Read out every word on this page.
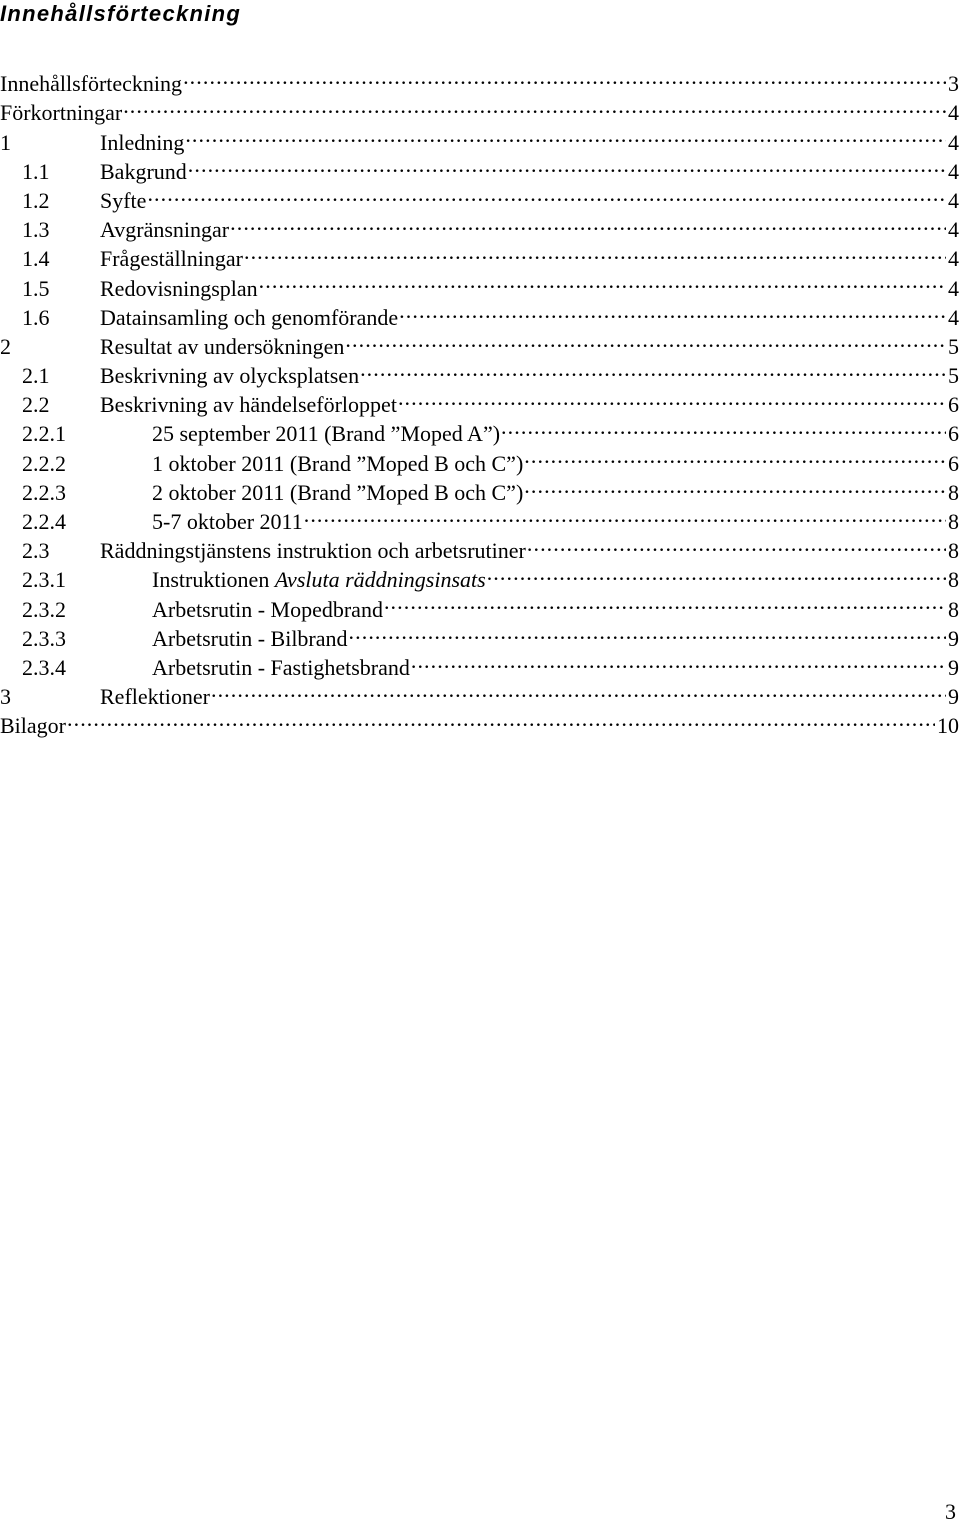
Innehållsförteckning
Innehållsförteckning . . .	3
Förkortningar . . .	4
1	Inledning . . .	4
1.1	Bakgrund . . .	4
1.2	Syfte . . .	4
1.3	Avgränsningar . . .	4
1.4	Frågeställningar . . .	4
1.5	Redovisningsplan . . .	4
1.6	Datainsamling och genomförande . . .	4
2	Resultat av undersökningen . . .	5
2.1	Beskrivning av olycksplatsen . . .	5
2.2	Beskrivning av händelseförloppet . . .	6
2.2.1	25 september 2011 (Brand ”Moped A”) . . .	6
2.2.2	1 oktober 2011 (Brand ”Moped B och C”) . . .	6
2.2.3	2 oktober 2011 (Brand ”Moped B och C”) . . .	8
2.2.4	5-7 oktober 2011 . . .	8
2.3	Räddningstjänstens instruktion och arbetsrutiner . . .	8
2.3.1	Instruktionen Avsluta räddningsinsats . . .	8
2.3.2	Arbetsrutin - Mopedbrand . . .	8
2.3.3	Arbetsrutin - Bilbrand . . .	9
2.3.4	Arbetsrutin - Fastighetsbrand . . .	9
3	Reflektioner . . .	9
Bilagor . . .	10
3
